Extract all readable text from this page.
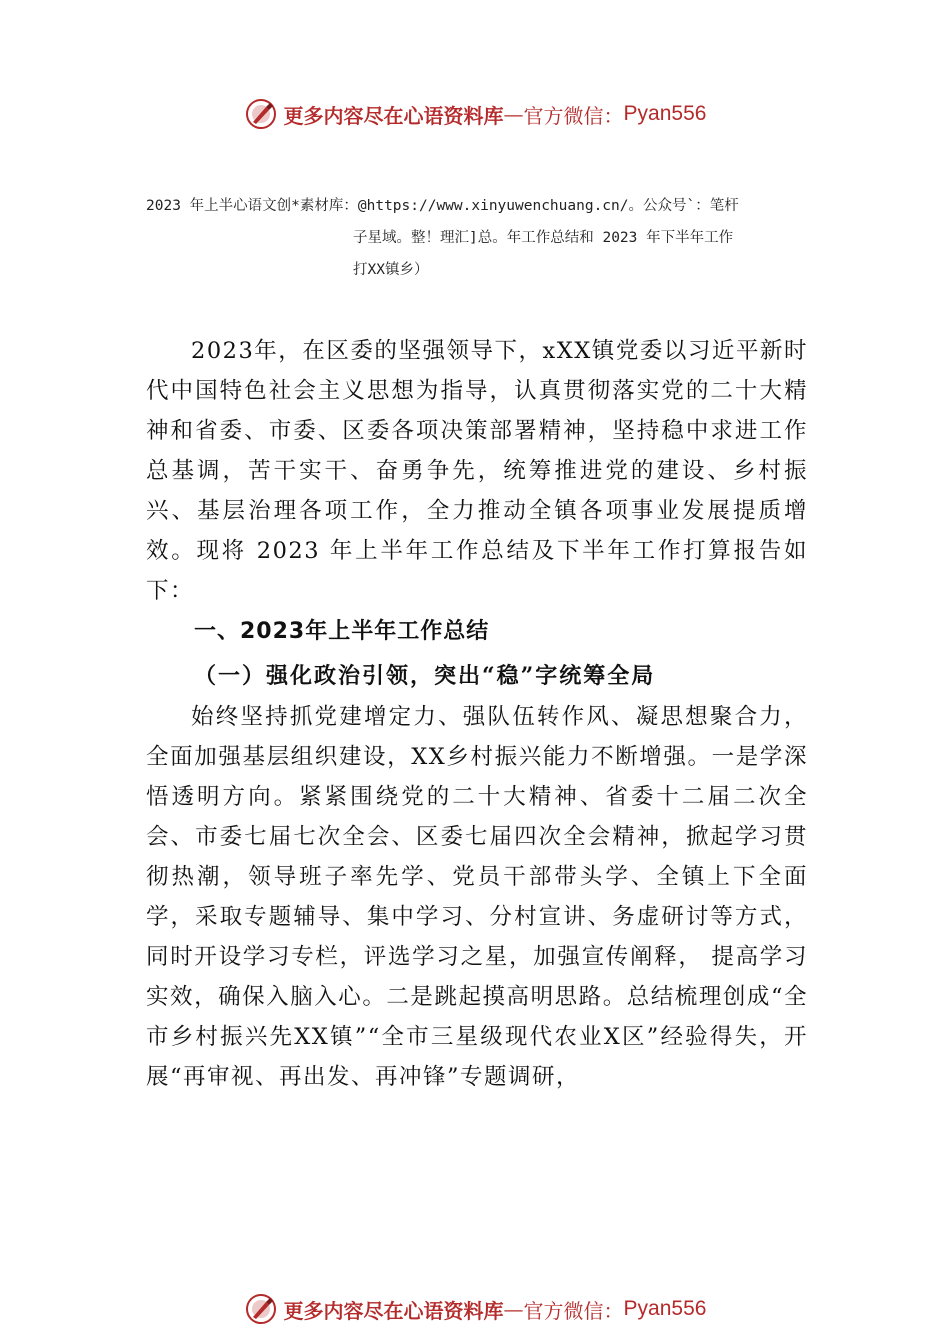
更多内容尽在心语资料库 — 官方微信： Pyan556
2023 年上半心语文创*素材库：@https://www.xinyuwenchuang.cn/。公众号`：笔杆
子星域。整！理汇]总。年工作总结和 2023 年下半年工作
打XX镇乡）

2023年，在区委的坚强领导下，xXX镇党委以习近平新时代中国特色社会主义思想为指导，认真贯彻落实党的二十大精神和省委、市委、区委各项决策部署精神，坚持稳中求进工作总基调，苦干实干、奋勇争先，统筹推进党的建设、乡村振兴、基层治理各项工作，全力推动全镇各项事业发展提质增效。现将 2023 年上半年工作总结及下半年工作打算报告如下：

一、2023年上半年工作总结
（一）强化政治引领，突出“稳”字统筹全局

始终坚持抓党建增定力、强队伍转作风、凝思想聚合力，全面加强基层组织建设，XX乡村振兴能力不断增强。一是学深悟透明方向。紧紧围绕党的二十大精神、省委十二届二次全会、市委七届七次全会、区委七届四次全会精神，掀起学习贯彻热潮，领导班子率先学、党员干部带头学、全镇上下全面学，采取专题辅导、集中学习、分村宣讲、务虚研讨等方式，同时开设学习专栏，评选学习之星，加强宣传阐释， 提高学习实效，确保入脑入心。二是跳起摸高明思路。总结梳理创成“全市乡村振兴先XX镇”“全市三星级现代农业X区”经验得失，开展“再审视、再出发、再冲锋”专题调研，

更多内容尽在心语资料库 — 官方微信： Pyan556
